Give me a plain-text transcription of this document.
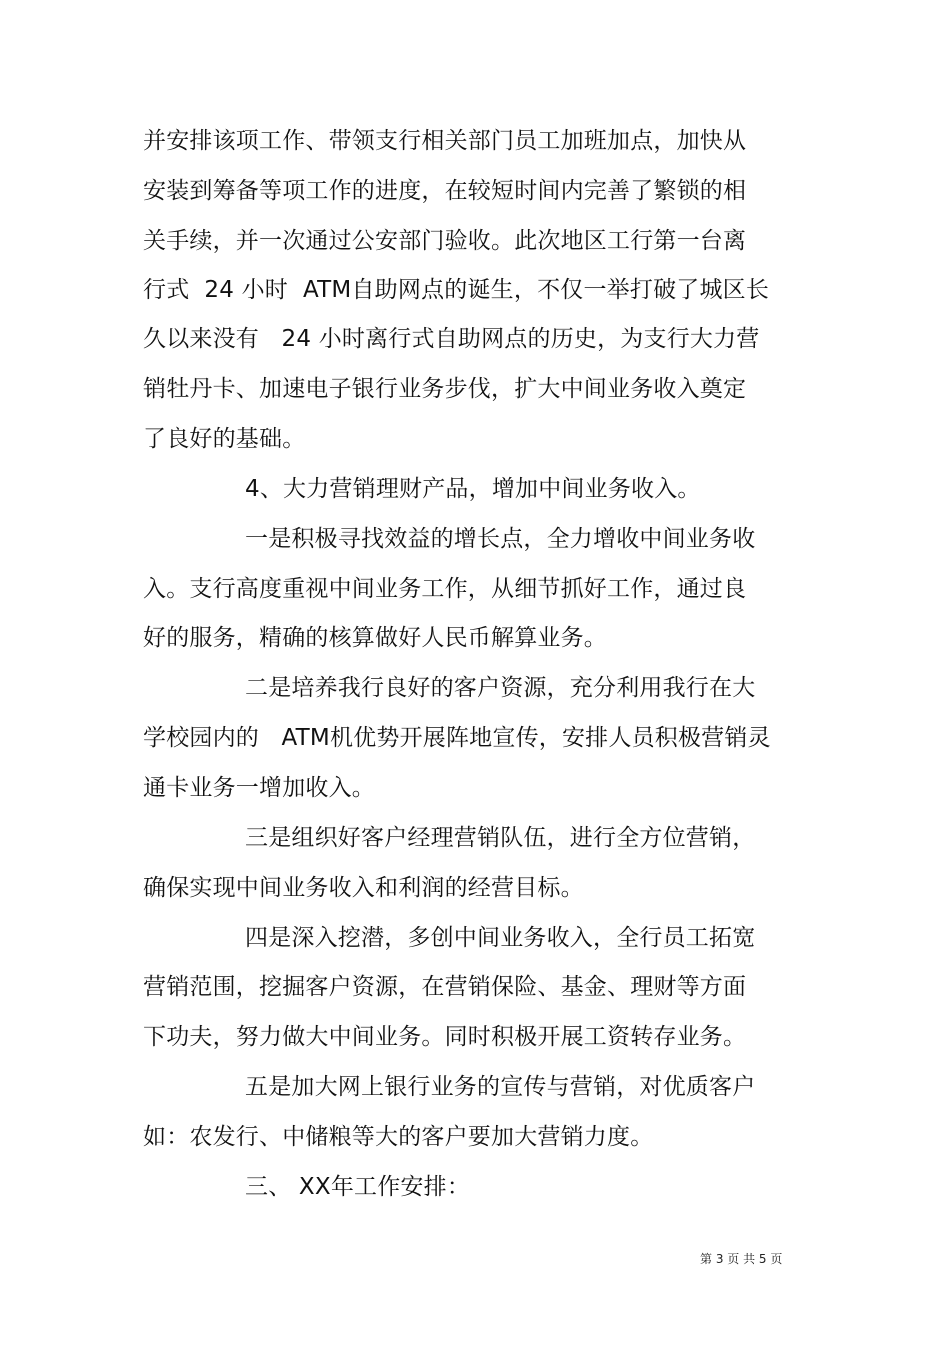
并安排该项工作、带领支行相关部门员工加班加点，加快从
安装到筹备等项工作的进度，在较短时间内完善了繁锁的相
关手续，并一次通过公安部门验收。此次地区工行第一台离
行式  24 小时  ATM自助网点的诞生，不仅一举打破了城区长
久以来没有   24 小时离行式自助网点的历史，为支行大力营
销牡丹卡、加速电子银行业务步伐，扩大中间业务收入奠定
了良好的基础。
4、大力营销理财产品，增加中间业务收入。
一是积极寻找效益的增长点，全力增收中间业务收
入。支行高度重视中间业务工作，从细节抓好工作，通过良
好的服务，精确的核算做好人民币解算业务。
二是培养我行良好的客户资源，充分利用我行在大
学校园内的   ATM机优势开展阵地宣传，安排人员积极营销灵
通卡业务一增加收入。
三是组织好客户经理营销队伍，进行全方位营销，
确保实现中间业务收入和利润的经营目标。
四是深入挖潜，多创中间业务收入，全行员工拓宽
营销范围，挖掘客户资源，在营销保险、基金、理财等方面
下功夫，努力做大中间业务。同时积极开展工资转存业务。
五是加大网上银行业务的宣传与营销，对优质客户
如：农发行、中储粮等大的客户要加大营销力度。
三、 XX年工作安排：
第 3 页 共 5 页
